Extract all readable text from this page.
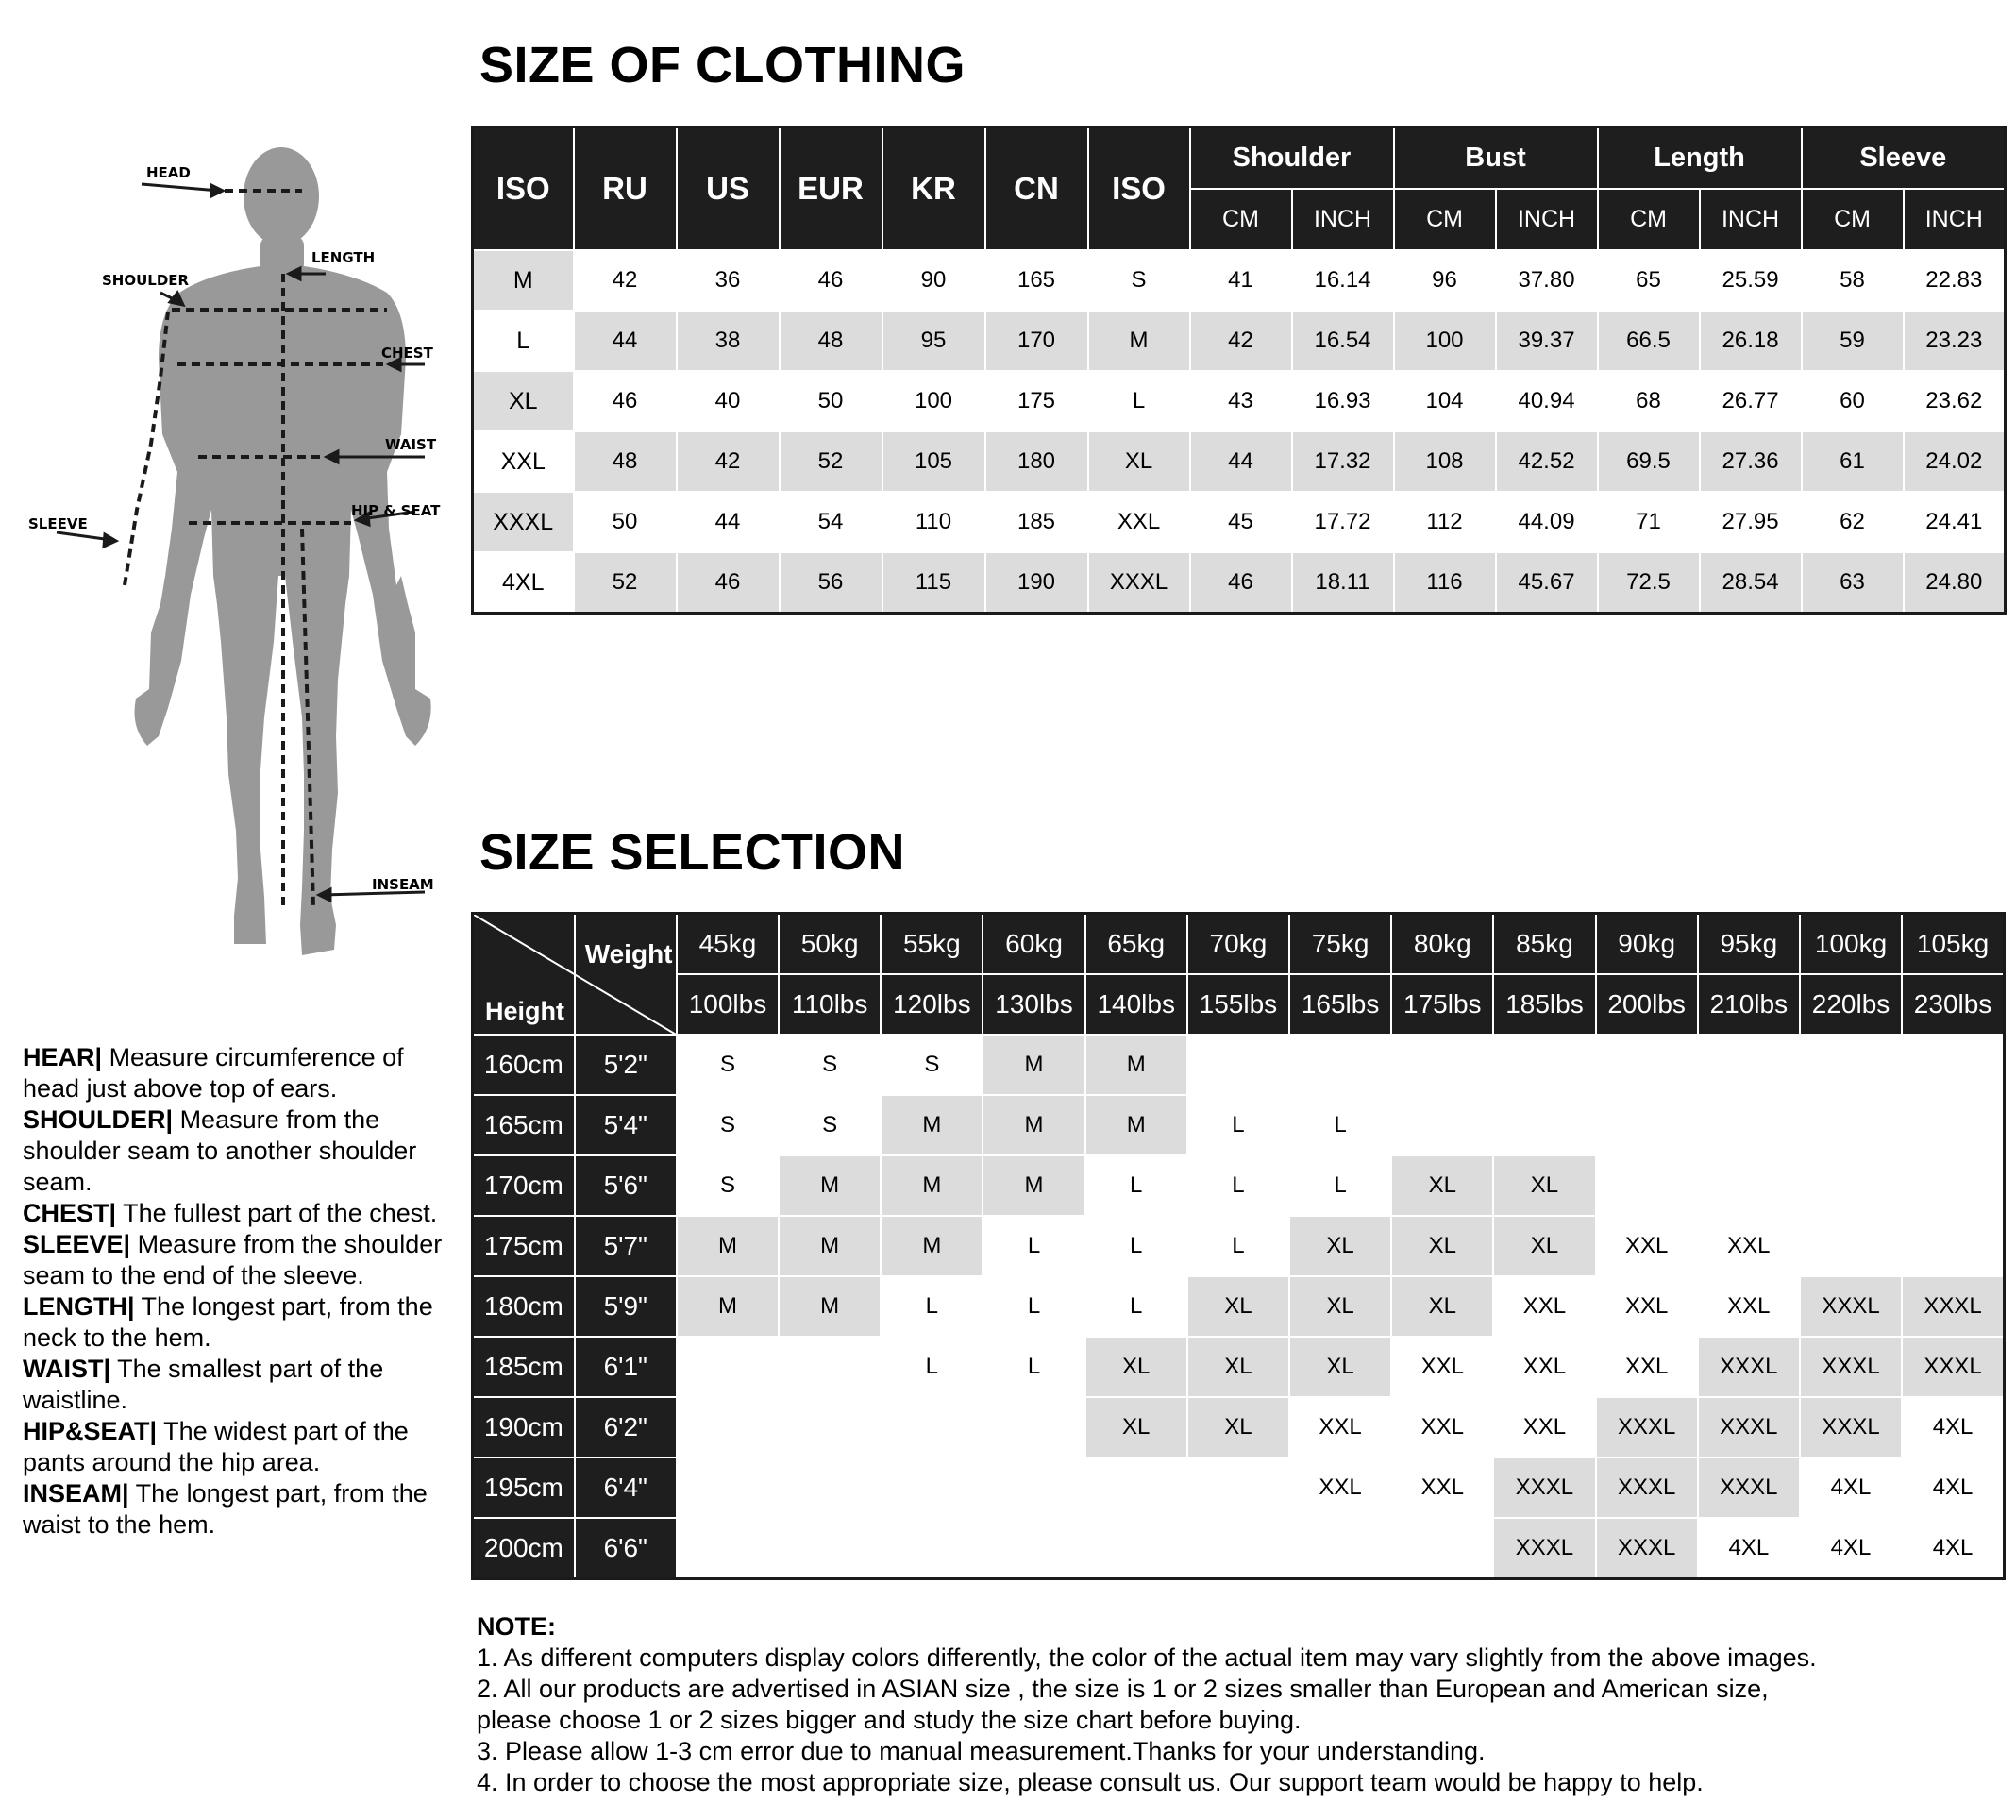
SIZE OF CLOTHING
SIZE SELECTION
HEAD
LENGTH
SHOULDER
CHEST
WAIST
HIP & SEAT
SLEEVE
INSEAM
ISO	RU	US	EUR	KR	CN	ISO	Shoulder		Bust		Length		Sleeve	
							CM	INCH	CM	INCH	CM	INCH	CM	INCH
M	42	36	46	90	165	S	41	16.14	96	37.80	65	25.59	58	22.83
L	44	38	48	95	170	M	42	16.54	100	39.37	66.5	26.18	59	23.23
XL	46	40	50	100	175	L	43	16.93	104	40.94	68	26.77	60	23.62
XXL	48	42	52	105	180	XL	44	17.32	108	42.52	69.5	27.36	61	24.02
XXXL	50	44	54	110	185	XXL	45	17.72	112	44.09	71	27.95	62	24.41
4XL	52	46	56	115	190	XXXL	46	18.11	116	45.67	72.5	28.54	63	24.80
Height	Weight	45kg	50kg	55kg	60kg	65kg	70kg	75kg	80kg	85kg	90kg	95kg	100kg	105kg
		100lbs	110lbs	120lbs	130lbs	140lbs	155lbs	165lbs	175lbs	185lbs	200lbs	210lbs	220lbs	230lbs
160cm	5'2"	S	S	S	M	M								
165cm	5'4"	S	S	M	M	M	L	L						
170cm	5'6"	S	M	M	M	L	L	L	XL	XL				
175cm	5'7"	M	M	M	L	L	L	XL	XL	XL	XXL	XXL		
180cm	5'9"	M	M	L	L	L	XL	XL	XL	XXL	XXL	XXL	XXXL	XXXL
185cm	6'1"			L	L	XL	XL	XL	XXL	XXL	XXL	XXXL	XXXL	XXXL
190cm	6'2"					XL	XL	XXL	XXL	XXL	XXXL	XXXL	XXXL	4XL
195cm	6'4"							XXL	XXL	XXXL	XXXL	XXXL	4XL	4XL
200cm	6'6"									XXXL	XXXL	4XL	4XL	4XL

HEAR| Measure circumference of head just above top of ears.

SHOULDER| Measure from the shoulder seam to another shoulder seam.

CHEST| The fullest part of the chest.

SLEEVE| Measure from the shoulder seam to the end of the sleeve.

LENGTH| The longest part, from the neck to the hem.

WAIST| The smallest part of the waistline.

HIP&SEAT| The widest part of the pants around the hip area.

INSEAM| The longest part, from the waist to the hem.

NOTE:

1. As different computers display colors differently, the color of the actual item may vary slightly from the above images.

2. All our products are advertised in ASIAN size , the size is 1 or 2 sizes smaller than European and American size,

please choose 1 or 2 sizes bigger and study the size chart before buying.

3. Please allow 1-3 cm error due to manual measurement.Thanks for your understanding.

4. In order to choose the most appropriate size, please consult us. Our support team would be happy to help.
